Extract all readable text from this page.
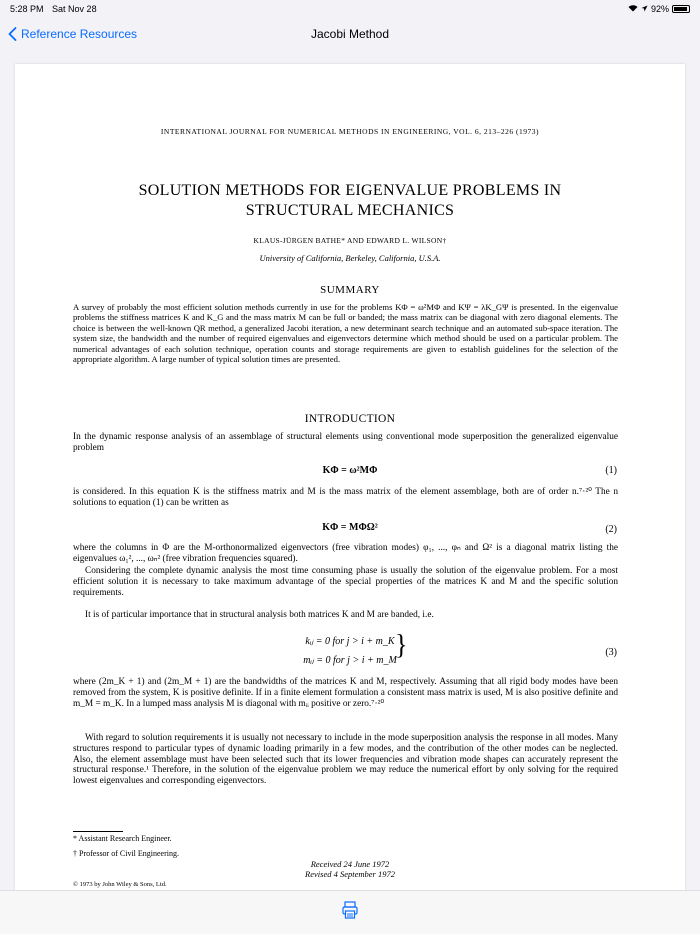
5:28 PM Sat Nov 28	92%
Reference Resources	Jacobi Method
INTERNATIONAL JOURNAL FOR NUMERICAL METHODS IN ENGINEERING, VOL. 6, 213–226 (1973)
SOLUTION METHODS FOR EIGENVALUE PROBLEMS IN
STRUCTURAL MECHANICS
KLAUS-JÜRGEN BATHE* AND EDWARD L. WILSON†
University of California, Berkeley, California, U.S.A.
SUMMARY
A survey of probably the most efficient solution methods currently in use for the problems KΦ = ω²MΦ and KΨ = λK_GΨ is presented. In the eigenvalue problems the stiffness matrices K and K_G and the mass matrix M can be full or banded; the mass matrix can be diagonal with zero diagonal elements. The choice is between the well-known QR method, a generalized Jacobi iteration, a new determinant search technique and an automated sub-space iteration. The system size, the bandwidth and the number of required eigenvalues and eigenvectors determine which method should be used on a particular problem. The numerical advantages of each solution technique, operation counts and storage requirements are given to establish guidelines for the selection of the appropriate algorithm. A large number of typical solution times are presented.
INTRODUCTION
In the dynamic response analysis of an assemblage of structural elements using conventional mode superposition the generalized eigenvalue problem
KΦ = ω²MΦ	(1)
is considered. In this equation K is the stiffness matrix and M is the mass matrix of the element assemblage, both are of order n.⁷·²⁰ The n solutions to equation (1) can be written as
KΦ = MΦΩ²	(2)
where the columns in Φ are the M-orthonormalized eigenvectors (free vibration modes) φ₁, ..., φₙ and Ω² is a diagonal matrix listing the eigenvalues ω₁², ..., ωₙ² (free vibration frequencies squared).
Considering the complete dynamic analysis the most time consuming phase is usually the solution of the eigenvalue problem. For a most efficient solution it is necessary to take maximum advantage of the special properties of the matrices K and M and the specific solution requirements.
It is of particular importance that in structural analysis both matrices K and M are banded, i.e.
kᵢⱼ = 0 for j > i + m_K
mᵢⱼ = 0 for j > i + m_M
}	(3)
where (2m_K + 1) and (2m_M + 1) are the bandwidths of the matrices K and M, respectively. Assuming that all rigid body modes have been removed from the system, K is positive definite. If in a finite element formulation a consistent mass matrix is used, M is also positive definite and m_M = m_K. In a lumped mass analysis M is diagonal with mᵢᵢ positive or zero.⁷·²⁰
With regard to solution requirements it is usually not necessary to include in the mode superposition analysis the response in all modes. Many structures respond to particular types of dynamic loading primarily in a few modes, and the contribution of the other modes can be neglected. Also, the element assemblage must have been selected such that its lower frequencies and vibration mode shapes can accurately represent the structural response.¹ Therefore, in the solution of the eigenvalue problem we may reduce the numerical effort by only solving for the required lowest eigenvalues and corresponding eigenvectors.
* Assistant Research Engineer.
† Professor of Civil Engineering.
Received 24 June 1972
Revised 4 September 1972
© 1973 by John Wiley & Sons, Ltd.
